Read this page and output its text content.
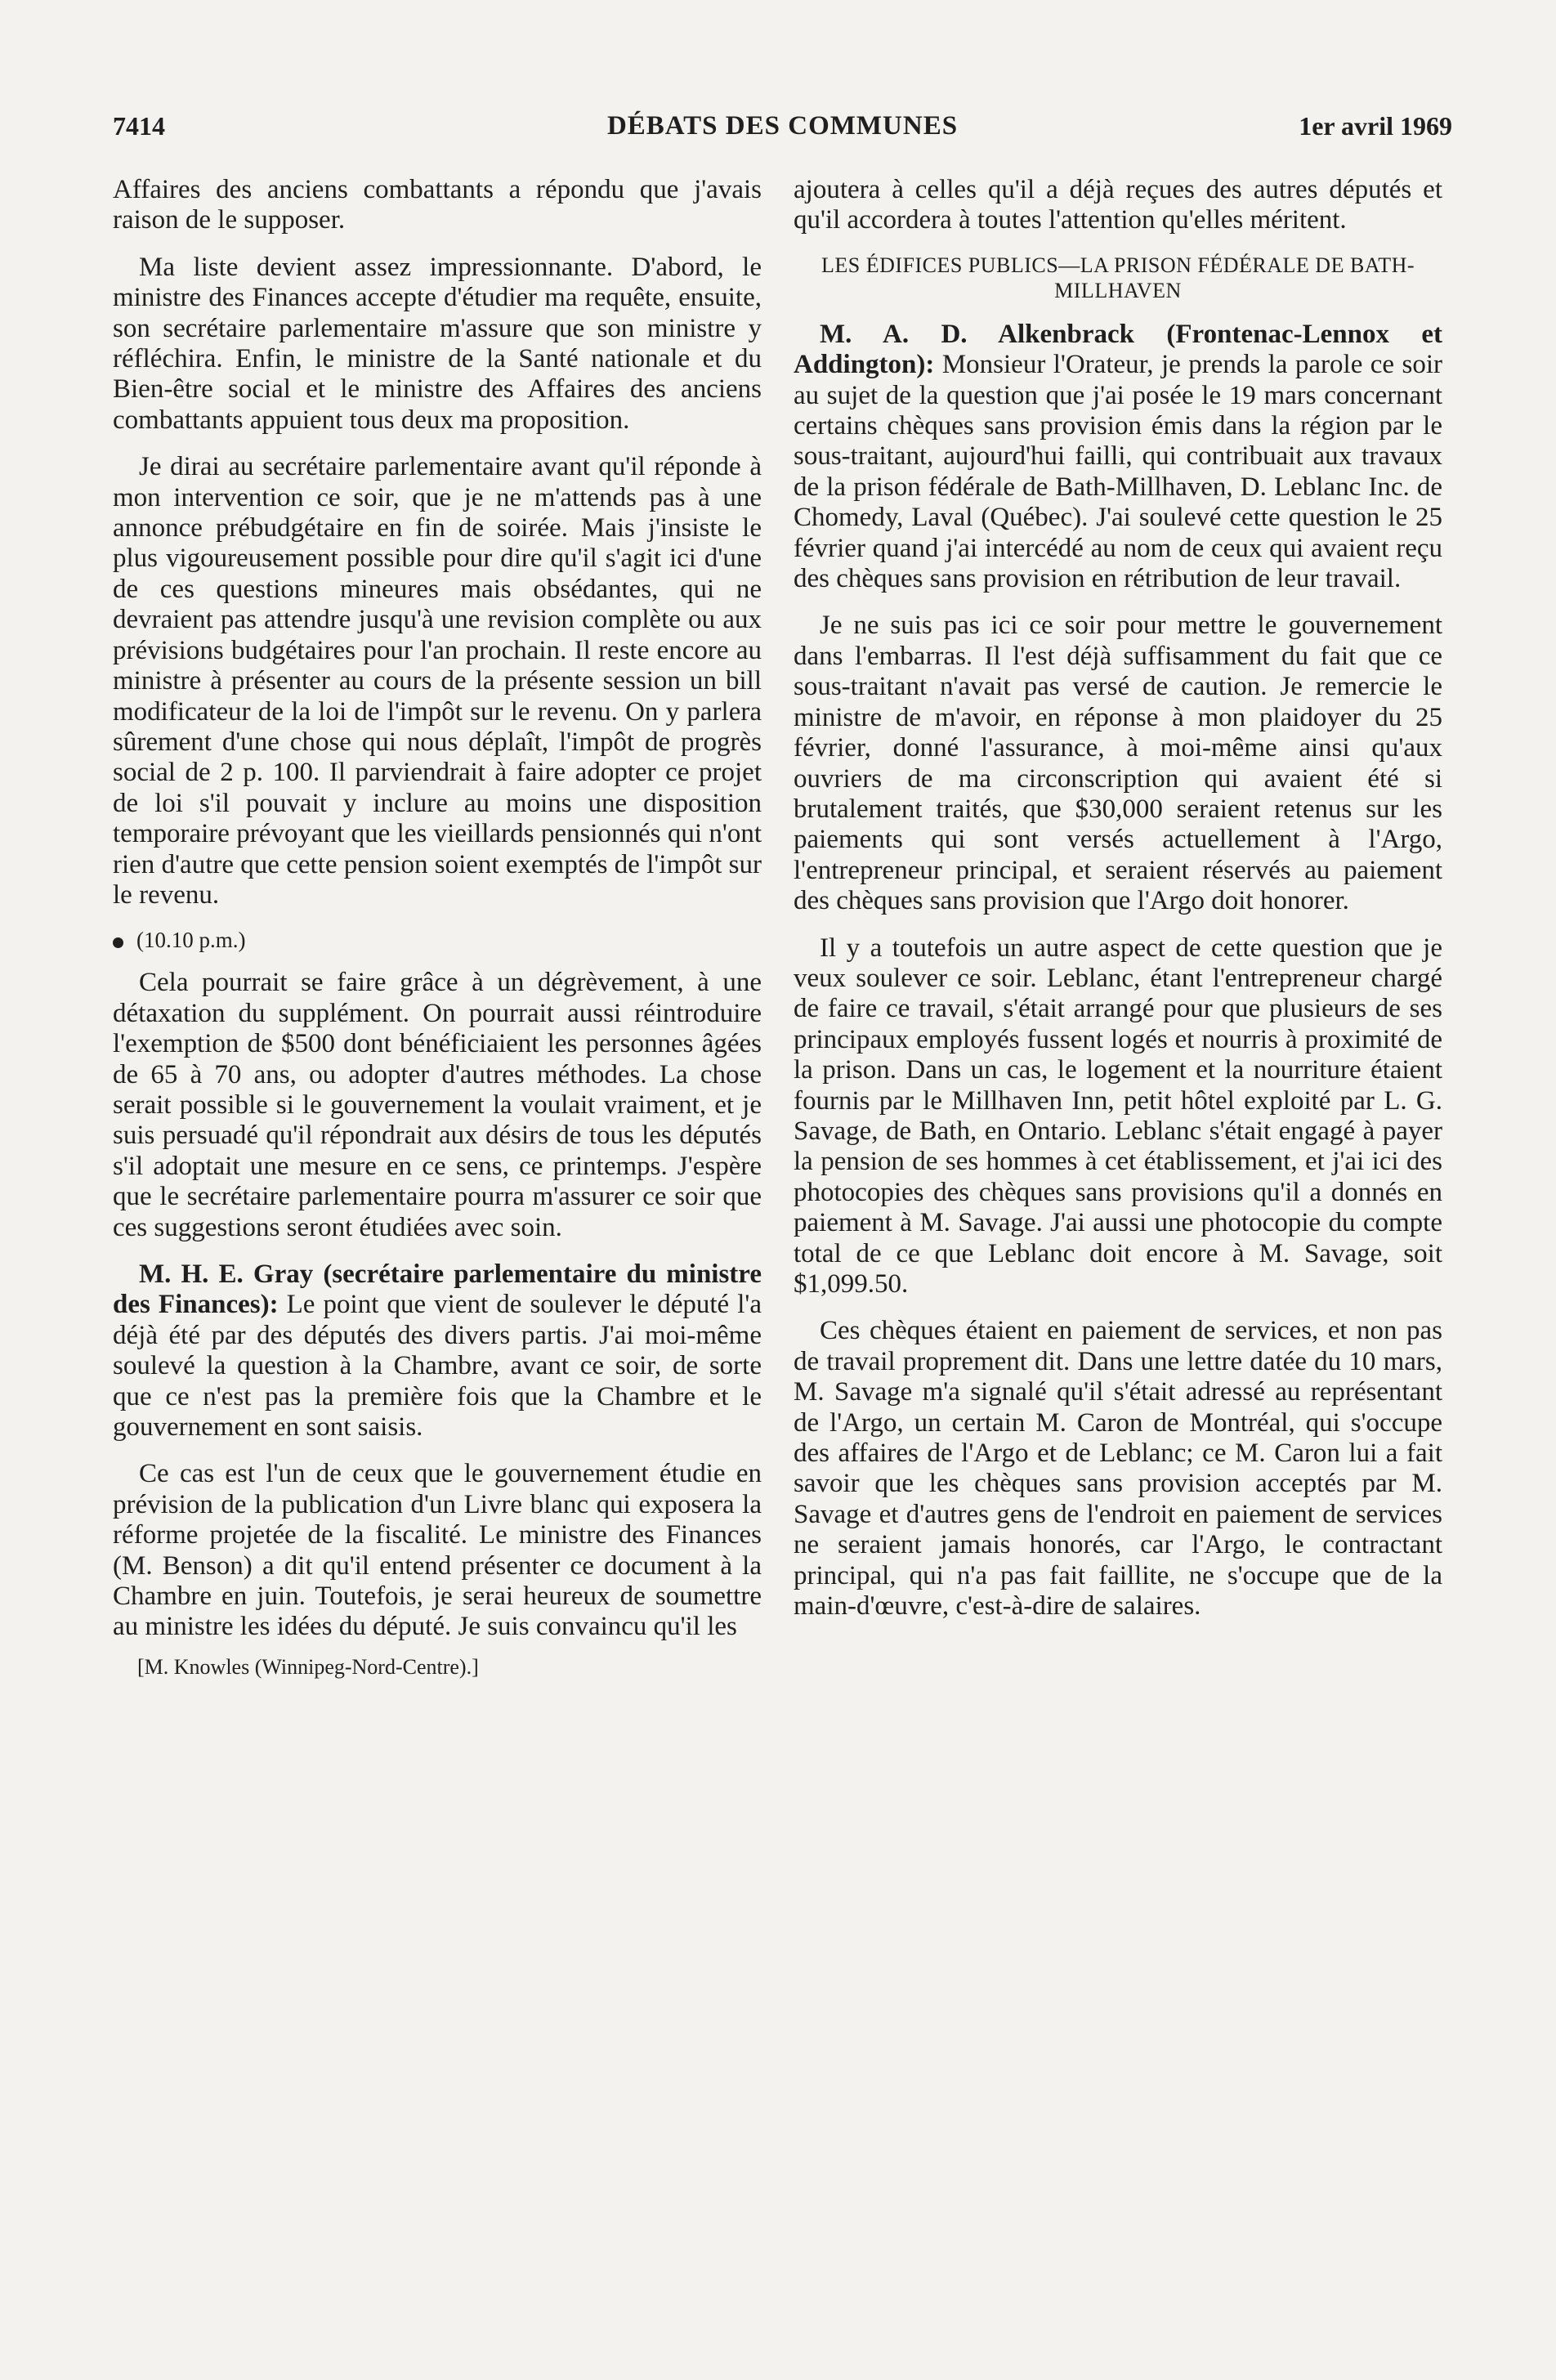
7414	DÉBATS DES COMMUNES	1er avril 1969

Affaires des anciens combattants a répondu que j'avais raison de le supposer.

Ma liste devient assez impressionnante. D'abord, le ministre des Finances accepte d'étudier ma requête, ensuite, son secrétaire parlementaire m'assure que son ministre y réfléchira. Enfin, le ministre de la Santé nationale et du Bien-être social et le ministre des Affaires des anciens combattants appuient tous deux ma proposition.

Je dirai au secrétaire parlementaire avant qu'il réponde à mon intervention ce soir, que je ne m'attends pas à une annonce prébudgétaire en fin de soirée. Mais j'insiste le plus vigoureusement possible pour dire qu'il s'agit ici d'une de ces questions mineures mais obsédantes, qui ne devraient pas attendre jusqu'à une revision complète ou aux prévisions budgétaires pour l'an prochain. Il reste encore au ministre à présenter au cours de la présente session un bill modificateur de la loi de l'impôt sur le revenu. On y parlera sûrement d'une chose qui nous déplaît, l'impôt de progrès social de 2 p. 100. Il parviendrait à faire adopter ce projet de loi s'il pouvait y inclure au moins une disposition temporaire prévoyant que les vieillards pensionnés qui n'ont rien d'autre que cette pension soient exemptés de l'impôt sur le revenu.

(10.10 p.m.)

Cela pourrait se faire grâce à un dégrèvement, à une détaxation du supplément. On pourrait aussi réintroduire l'exemption de $500 dont bénéficiaient les personnes âgées de 65 à 70 ans, ou adopter d'autres méthodes. La chose serait possible si le gouvernement la voulait vraiment, et je suis persuadé qu'il répondrait aux désirs de tous les députés s'il adoptait une mesure en ce sens, ce printemps. J'espère que le secrétaire parlementaire pourra m'assurer ce soir que ces suggestions seront étudiées avec soin.

M. H. E. Gray (secrétaire parlementaire du ministre des Finances): Le point que vient de soulever le député l'a déjà été par des députés des divers partis. J'ai moi-même soulevé la question à la Chambre, avant ce soir, de sorte que ce n'est pas la première fois que la Chambre et le gouvernement en sont saisis.

Ce cas est l'un de ceux que le gouvernement étudie en prévision de la publication d'un Livre blanc qui exposera la réforme projetée de la fiscalité. Le ministre des Finances (M. Benson) a dit qu'il entend présenter ce document à la Chambre en juin. Toutefois, je serai heureux de soumettre au ministre les idées du député. Je suis convaincu qu'il les

[M. Knowles (Winnipeg-Nord-Centre).]

ajoutera à celles qu'il a déjà reçues des autres députés et qu'il accordera à toutes l'attention qu'elles méritent.

LES ÉDIFICES PUBLICS—LA PRISON FÉDÉRALE DE BATH-MILLHAVEN

M. A. D. Alkenbrack (Frontenac-Lennox et Addington): Monsieur l'Orateur, je prends la parole ce soir au sujet de la question que j'ai posée le 19 mars concernant certains chèques sans provision émis dans la région par le sous-traitant, aujourd'hui failli, qui contribuait aux travaux de la prison fédérale de Bath-Millhaven, D. Leblanc Inc. de Chomedy, Laval (Québec). J'ai soulevé cette question le 25 février quand j'ai intercédé au nom de ceux qui avaient reçu des chèques sans provision en rétribution de leur travail.

Je ne suis pas ici ce soir pour mettre le gouvernement dans l'embarras. Il l'est déjà suffisamment du fait que ce sous-traitant n'avait pas versé de caution. Je remercie le ministre de m'avoir, en réponse à mon plaidoyer du 25 février, donné l'assurance, à moi-même ainsi qu'aux ouvriers de ma circonscription qui avaient été si brutalement traités, que $30,000 seraient retenus sur les paiements qui sont versés actuellement à l'Argo, l'entrepreneur principal, et seraient réservés au paiement des chèques sans provision que l'Argo doit honorer.

Il y a toutefois un autre aspect de cette question que je veux soulever ce soir. Leblanc, étant l'entrepreneur chargé de faire ce travail, s'était arrangé pour que plusieurs de ses principaux employés fussent logés et nourris à proximité de la prison. Dans un cas, le logement et la nourriture étaient fournis par le Millhaven Inn, petit hôtel exploité par L. G. Savage, de Bath, en Ontario. Leblanc s'était engagé à payer la pension de ses hommes à cet établissement, et j'ai ici des photocopies des chèques sans provisions qu'il a donnés en paiement à M. Savage. J'ai aussi une photocopie du compte total de ce que Leblanc doit encore à M. Savage, soit $1,099.50.

Ces chèques étaient en paiement de services, et non pas de travail proprement dit. Dans une lettre datée du 10 mars, M. Savage m'a signalé qu'il s'était adressé au représentant de l'Argo, un certain M. Caron de Montréal, qui s'occupe des affaires de l'Argo et de Leblanc; ce M. Caron lui a fait savoir que les chèques sans provision acceptés par M. Savage et d'autres gens de l'endroit en paiement de services ne seraient jamais honorés, car l'Argo, le contractant principal, qui n'a pas fait faillite, ne s'occupe que de la main-d'œuvre, c'est-à-dire de salaires.
